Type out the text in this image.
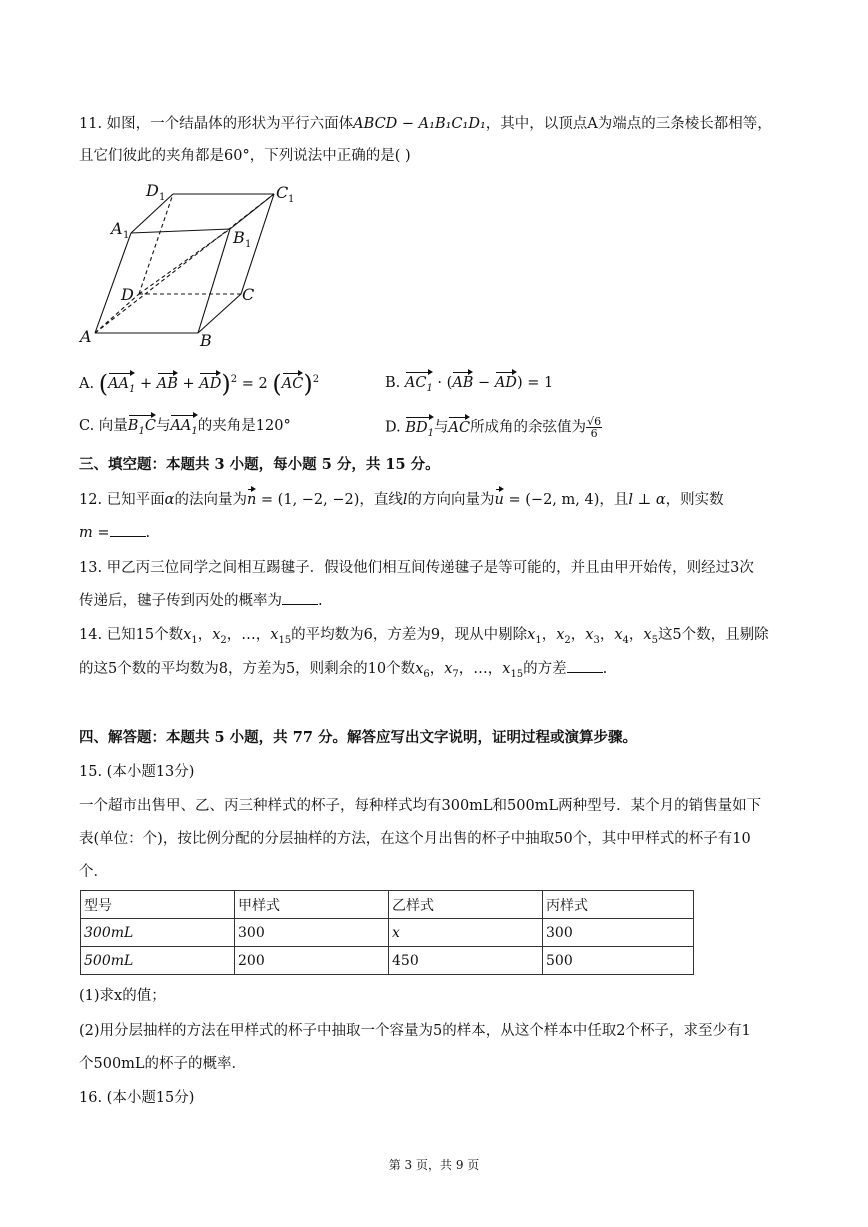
11. 如图，一个结晶体的形状为平行六面体ABCD − A₁B₁C₁D₁，其中，以顶点A为端点的三条棱长都相等，
且它们彼此的夹角都是60°，下列说法中正确的是( )
A	B
C
D
A 1	B 1
C 1
D 1
A. ($AA_1$ + AB + AD)$^2$ = 2 (AC)$^2$	B. $AC_1 \cdot (AB - AD) = 1$
C. 向量$B_1C$与$AA_1$的夹角是120°	D. $BD_1$与AC所成角的余弦值为 $\frac{√6}{6}$
三、填空题：本题共 3 小题，每小题 5 分，共 15 分。
12. 已知平面α的法向量为n = (1, −2, −2)，直线l的方向向量为u = (−2, m, 4)，且l ⊥ α，则实数
m = .
13. 甲乙丙三位同学之间相互踢毽子．假设他们相互间传递毽子是等可能的，并且由甲开始传，则经过3次
传递后，毽子传到丙处的概率为 .
14. 已知15个数$x_1$，$x_2$，…，$x_{15}$的平均数为6，方差为9，现从中剔除$x_1$，$x_2$，$x_3$，$x_4$，$x_5$这5个数，且剔除
的这5个数的平均数为8，方差为5，则剩余的10个数$x_6$，$x_7$，…，$x_{15}$的方差 .
四、解答题：本题共 5 小题，共 77 分。解答应写出文字说明，证明过程或演算步骤。
15. (本小题13分)
一个超市出售甲、乙、丙三种样式的杯子，每种样式均有300mL和500mL两种型号．某个月的销售量如下
表(单位：个)，按比例分配的分层抽样的方法，在这个月出售的杯子中抽取50个，其中甲样式的杯子有10
个．
型号	甲样式	乙样式	丙样式
300mL	300	x	300
500mL	200	450	500
(1)求x的值；
(2)用分层抽样的方法在甲样式的杯子中抽取一个容量为5的样本，从这个样本中任取2个杯子，求至少有1
个500mL的杯子的概率．
16. (本小题15分)
第 3 页，共 9 页
